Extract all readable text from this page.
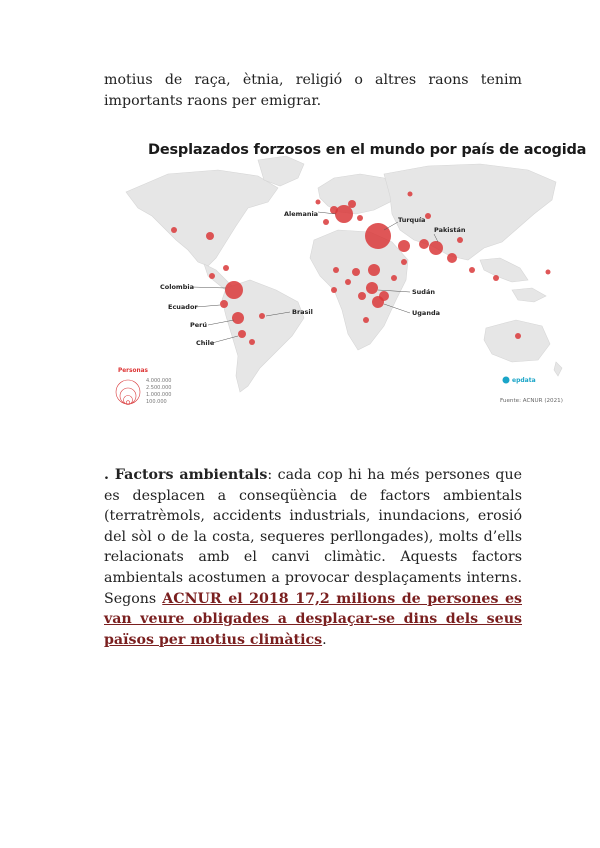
motius de raça, ètnia, religió o altres raons tenim importants raons per emigrar.

Alemania
Turquía
Pakistán
Colombia
Ecuador
Perú
Chile
Brasil
Sudán
Uganda
Personas
4.000.000
2.500.000
1.000.000
100.000
epdata
Fuente: ACNUR (2021)
Desplazados forzosos en el mundo por país de acogida

. Factors ambientals: cada cop hi ha més persones que es desplacen a conseqüència de factors ambientals (terratrèmols, accidents industrials, inundacions, erosió del sòl o de la costa, sequeres perllongades), molts d’ells relacionats amb el canvi climàtic. Aquests factors ambientals acostumen a provocar desplaçaments interns. Segons ACNUR el 2018 17,2 milions de persones es van veure obligades a desplaçar-se dins dels seus països per motius climàtics.
